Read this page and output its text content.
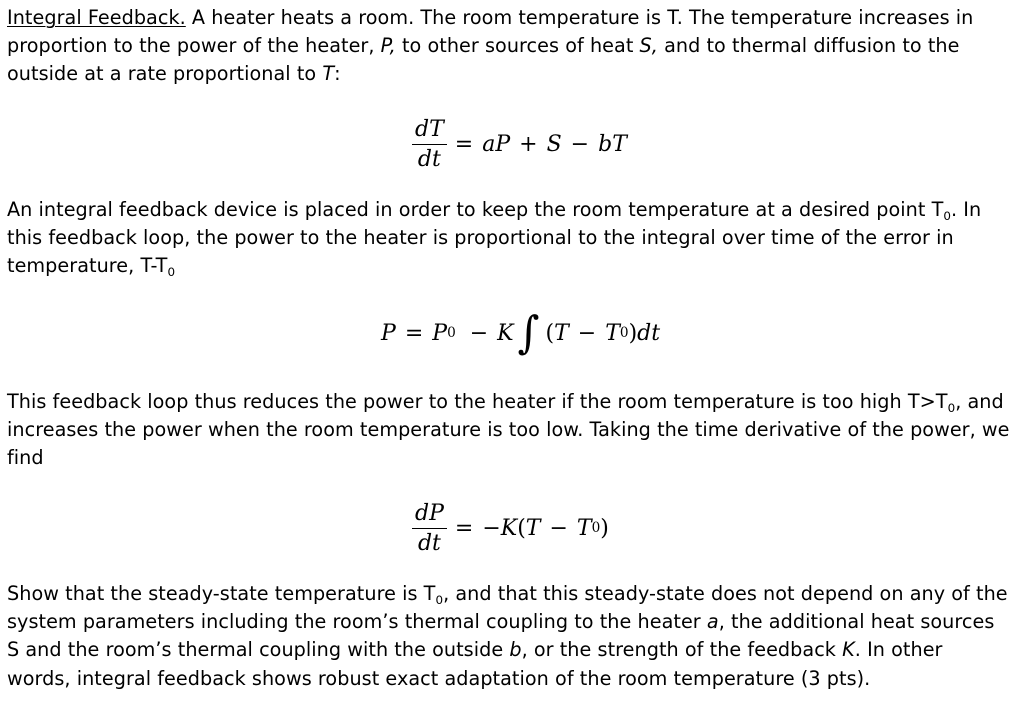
Integral Feedback. A heater heats a room. The room temperature is T. The temperature increases in proportion to the power of the heater, P, to other sources of heat S, and to thermal diffusion to the outside at a rate proportional to T:
$\frac{dT}{dt} = a$ P + S − b T
An integral feedback device is placed in order to keep the room temperature at a desired point $T_0$. In this feedback loop, the power to the heater is proportional to the integral over time of the error in temperature, $T-T_0$
P = P 0 − K ∫ ( T − T 0 ) dt
This feedback loop thus reduces the power to the heater if the room temperature is too high $T>T_0$, and increases the power when the room temperature is too low. Taking the time derivative of the power, we find
$\frac{dP}{dt}$ = − K ( T − T 0 )
Show that the steady-state temperature is $T_0$, and that this steady-state does not depend on any of the system parameters including the room’s thermal coupling to the heater a, the additional heat sources S and the room’s thermal coupling with the outside b, or the strength of the feedback K. In other words, integral feedback shows robust exact adaptation of the room temperature (3 pts).
